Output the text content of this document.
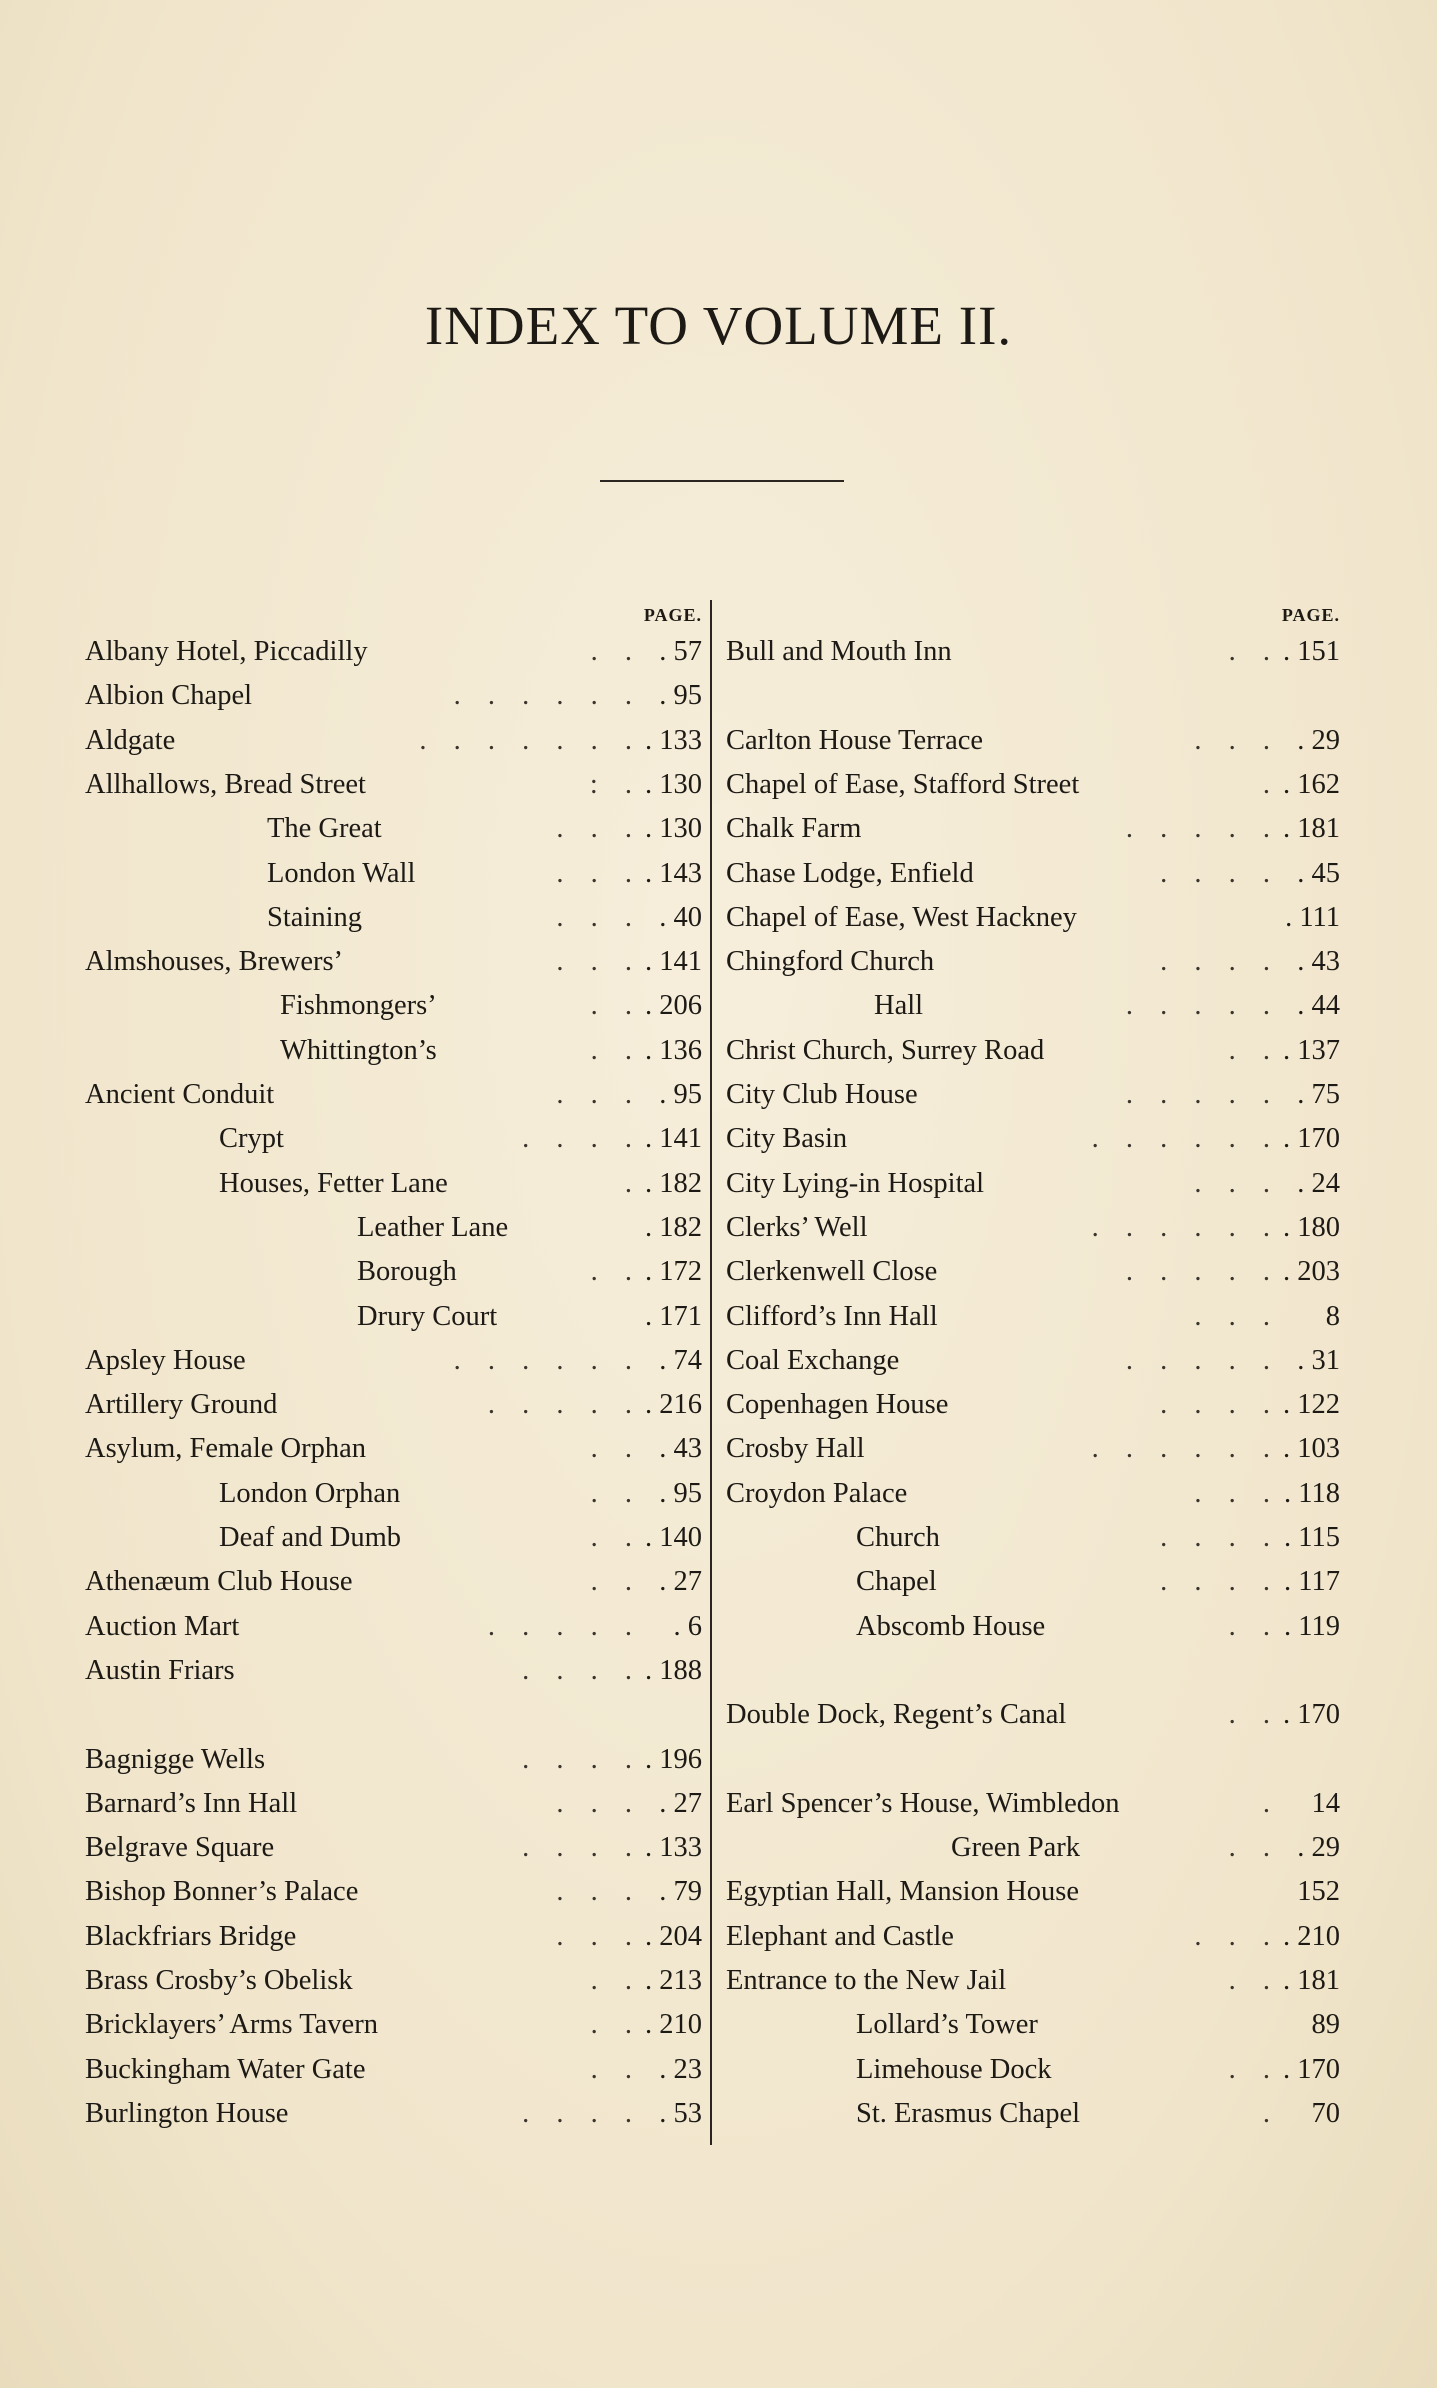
INDEX TO VOLUME II.
PAGE.
Albany Hotel, Piccadilly	. . . 57
Albion Chapel	. . . . . . . 95
Aldgate	. . . . . . . . 133
Allhallows, Bread Street	: . . 130
The Great	. . . . 130
London Wall	. . . . 143
Staining	. . . . 40
Almshouses, Brewers’	. . . . 141
Fishmongers’	. . . 206
Whittington’s	. . . 136
Ancient Conduit	. . . . 95
Crypt	. . . . . 141
Houses, Fetter Lane	. . 182
Leather Lane	. 182
Borough	. . . 172
Drury Court	. 171
Apsley House	. . . . . . . 74
Artillery Ground	. . . . . . 216
Asylum, Female Orphan	. . . 43
London Orphan	. . . 95
Deaf and Dumb	. . . 140
Athenæum Club House	. . . 27
Auction Mart	. . . . . . 6
Austin Friars	. . . . . 188
Bagnigge Wells	. . . . . 196
Barnard’s Inn Hall	. . . . 27
Belgrave Square	. . . . . 133
Bishop Bonner’s Palace	. . . . 79
Blackfriars Bridge	. . . . 204
Brass Crosby’s Obelisk	. . . 213
Bricklayers’ Arms Tavern	. . . 210
Buckingham Water Gate	. . . 23
Burlington House	. . . . . 53
PAGE.
Bull and Mouth Inn	. . . 151
Carlton House Terrace	. . . . 29
Chapel of Ease, Stafford Street	. . 162
Chalk Farm	. . . . . . 181
Chase Lodge, Enfield	. . . . . 45
Chapel of Ease, West Hackney	. 111
Chingford Church	. . . . . 43
Hall	. . . . . . 44
Christ Church, Surrey Road	. . . 137
City Club House	. . . . . . 75
City Basin	. . . . . . . 170
City Lying-in Hospital	. . . . 24
Clerks’ Well	. . . . . . . 180
Clerkenwell Close	. . . . . . 203
Clifford’s Inn Hall	. . . 8
Coal Exchange	. . . . . . 31
Copenhagen House	. . . . . 122
Crosby Hall	. . . . . . . 103
Croydon Palace	. . . . 118
Church	. . . . . 115
Chapel	. . . . . 117
Abscomb House	. . . 119
Double Dock, Regent’s Canal	. . . 170
Earl Spencer’s House, Wimbledon	. 14
Green Park	. . . 29
Egyptian Hall, Mansion House	152
Elephant and Castle	. . . . 210
Entrance to the New Jail	. . . 181
Lollard’s Tower	89
Limehouse Dock	. . . 170
St. Erasmus Chapel	. 70
